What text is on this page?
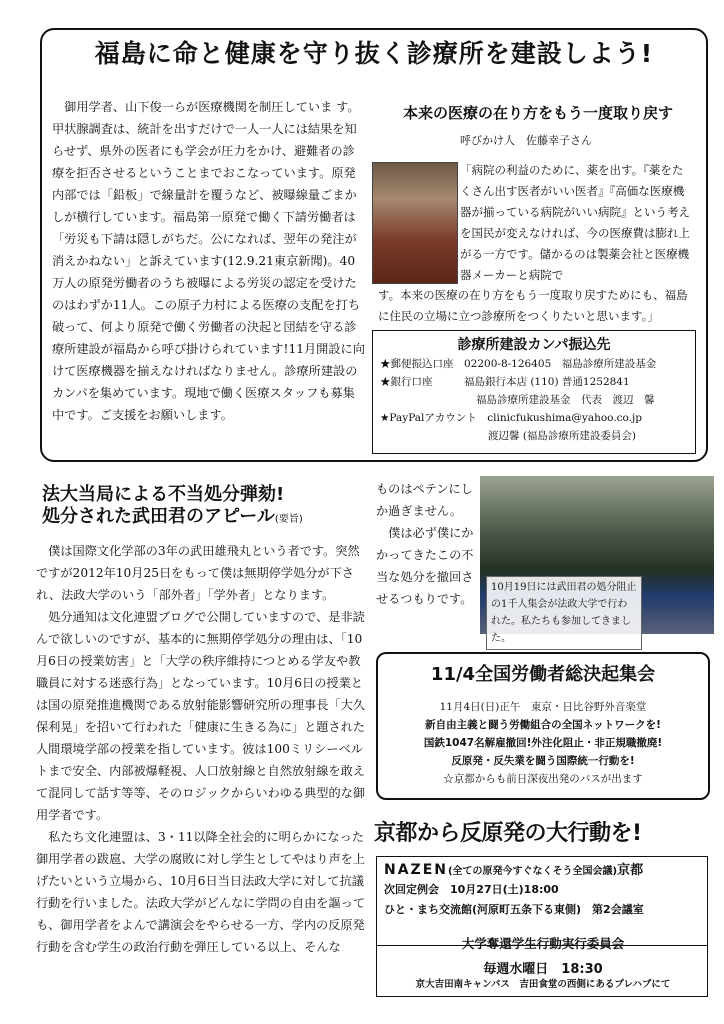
福島に命と健康を守り抜く診療所を建設しよう!
　御用学者、山下俊一らが医療機関を制圧していま す。甲状腺調査は、統計を出すだけで一人一人には結果を知らせず、県外の医者にも学会が圧力をかけ、避難者の診療を拒否させるということまでおこなっています。原発内部では「鉛板」で線量計を覆うなど、被曝線量ごまかしが横行しています。福島第一原発で働く下請労働者は「労災も下請は隠しがちだ。公になれば、翌年の発注が消えかねない」と訴えています(12.9.21東京新聞)。40万人の原発労働者のうち被曝による労災の認定を受けたのはわずか11人。この原子力村による医療の支配を打ち破って、何より原発で働く労働者の決起と団結を守る診療所建設が福島から呼び掛けられています!11月開設に向けて医療機器を揃えなければなりません。診療所建設のカンパを集めています。現地で働く医療スタッフも募集中です。ご支援をお願いします。
本来の医療の在り方をもう一度取り戻す
呼びかけ人　佐藤幸子さん
「病院の利益のために、薬を出す。『薬をたくさん出す医者がいい医者』『高価な医療機器が揃っている病院がいい病院』という考えを国民が変えなければ、今の医療費は膨れ上がる一方です。儲かるのは製薬会社と医療機器メーカーと病院で
す。本来の医療の在り方をもう一度取り戻すためにも、福島に住民の立場に立つ診療所をつくりたいと思います。」
診療所建設カンパ振込先
★郵便振込口座　02200-8-126405　福島診療所建設基金
★銀行口座　　　福島銀行本店 (110) 普通1252841
福島診療所建設基金　代表　渡辺　馨
★PayPalアカウント　clinicfukushima@yahoo.co.jp
渡辺馨 (福島診療所建設委員会)
法大当局による不当処分弾劾!
処分された武田君のアピール(要旨)
　僕は国際文化学部の3年の武田雄飛丸という者です。突然ですが2012年10月25日をもって僕は無期停学処分が下され、法政大学のいう「部外者」「学外者」となります。
　処分通知は文化連盟ブログで公開していますので、是非読んで欲しいのですが、基本的に無期停学処分の理由は、「10月6日の授業妨害」と「大学の秩序維持につとめる学友や教職員に対する迷惑行為」となっています。10月6日の授業とは国の原発推進機関である放射能影響研究所の理事長「大久保利晃」を招いて行われた「健康に生きる為に」と題された人間環境学部の授業を指しています。彼は100ミリシーベルトまで安全、内部被爆軽視、人口放射線と自然放射線を敢えて混同して話す等等、そのロジックからいわゆる典型的な御用学者です。
　私たち文化連盟は、3・11以降全社会的に明らかになった御用学者の跋扈、大学の腐敗に対し学生としてやはり声を上げたいという立場から、10月6日当日法政大学に対して抗議行動を行いました。法政大学がどんなに学問の自由を謳っても、御用学者をよんで講演会をやらせる一方、学内の反原発行動を含む学生の政治行動を弾圧している以上、そんな
ものはペテンにしか過ぎません。
　僕は必ず僕にかかってきたこの不当な処分を撤回させるつもりです。
10月19日には武田君の処分阻止の1千人集会が法政大学で行われた。私たちも参加してきました。
11/4全国労働者総決起集会
11月4日(日)正午　東京・日比谷野外音楽堂
新自由主義と闘う労働組合の全国ネットワークを!
国鉄1047名解雇撤回!外注化阻止・非正規職撤廃!
反原発・反失業を闘う国際統一行動を!
☆京都からも前日深夜出発のバスが出ます
京都から反原発の大行動を!
NAZEN(全ての原発今すぐなくそう全国会議)京都
次回定例会　10月27日(土)18:00
ひと・まち交流館(河原町五条下る東側)　第2会議室
大学奪還学生行動実行委員会
毎週水曜日　18:30
京大吉田南キャンパス　吉田食堂の西側にあるプレハブにて
